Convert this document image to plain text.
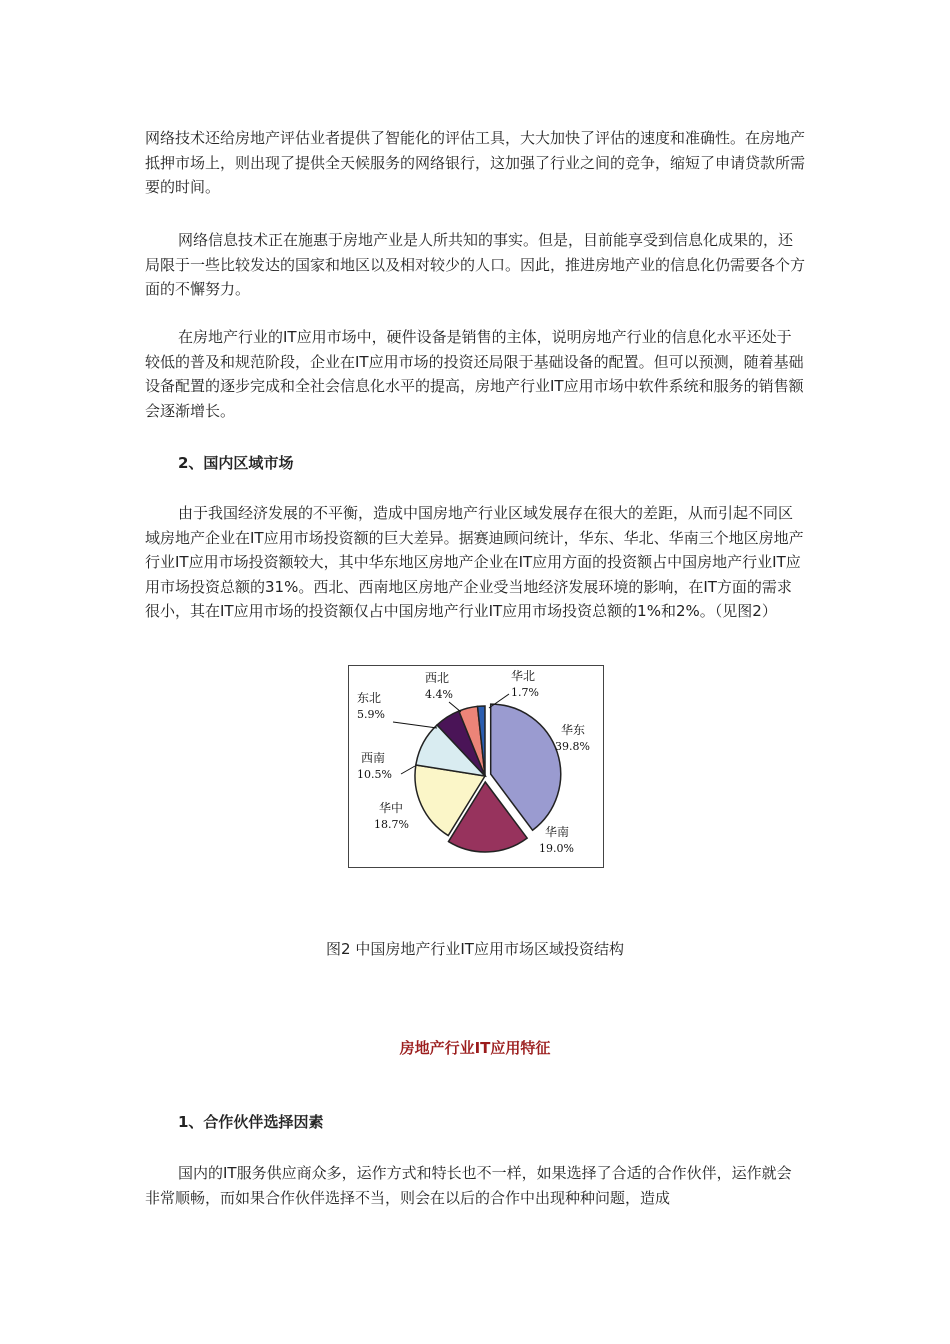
网络技术还给房地产评估业者提供了智能化的评估工具，大大加快了评估的速度和准确性。在房地产抵押市场上，则出现了提供全天候服务的网络银行，这加强了行业之间的竞争，缩短了申请贷款所需要的时间。

网络信息技术正在施惠于房地产业是人所共知的事实。但是，目前能享受到信息化成果的，还局限于一些比较发达的国家和地区以及相对较少的人口。因此，推进房地产业的信息化仍需要各个方面的不懈努力。

在房地产行业的IT应用市场中，硬件设备是销售的主体，说明房地产行业的信息化水平还处于较低的普及和规范阶段，企业在IT应用市场的投资还局限于基础设备的配置。但可以预测，随着基础设备配置的逐步完成和全社会信息化水平的提高，房地产行业IT应用市场中软件系统和服务的销售额会逐渐增长。

2、国内区域市场

由于我国经济发展的不平衡，造成中国房地产行业区域发展存在很大的差距，从而引起不同区域房地产企业在IT应用市场投资额的巨大差异。据赛迪顾问统计，华东、华北、华南三个地区房地产行业IT应用市场投资额较大，其中华东地区房地产企业在IT应用方面的投资额占中国房地产行业IT应用市场投资总额的31%。西北、西南地区房地产企业受当地经济发展环境的影响，在IT方面的需求很小，其在IT应用市场的投资额仅占中国房地产行业IT应用市场投资总额的1%和2%。（见图2）

华东
39.8%
华南
19.0%
华中
18.7%
西南
10.5%
东北
5.9%
西北
4.4%
华北
1.7%
图2 中国房地产行业IT应用市场区域投资结构
房地产行业IT应用特征

1、合作伙伴选择因素

国内的IT服务供应商众多，运作方式和特长也不一样，如果选择了合适的合作伙伴，运作就会非常顺畅，而如果合作伙伴选择不当，则会在以后的合作中出现种种问题，造成
